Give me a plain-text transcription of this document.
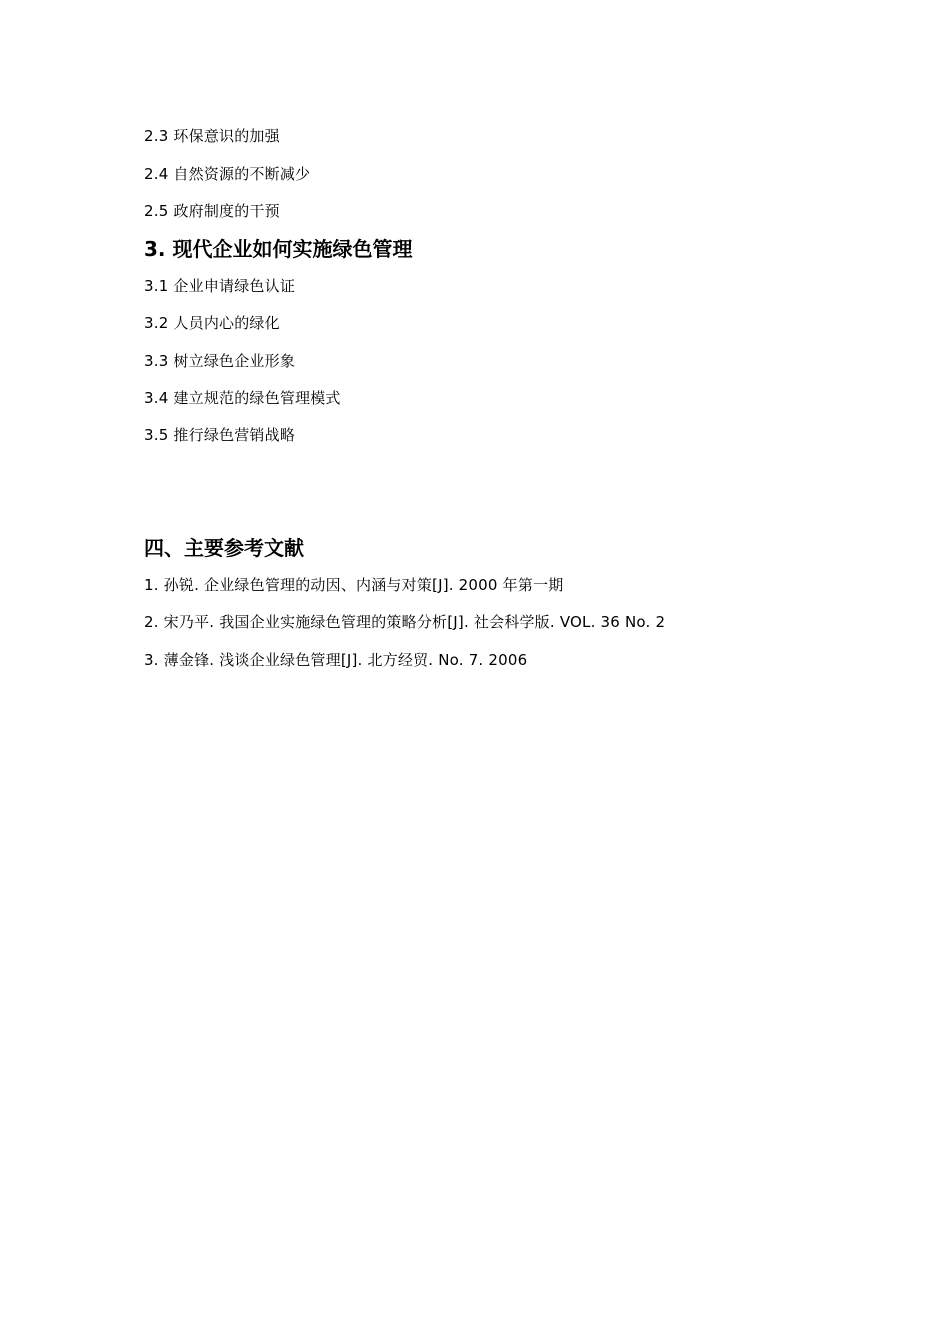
2.3 环保意识的加强
2.4 自然资源的不断减少
2.5 政府制度的干预
3. 现代企业如何实施绿色管理
3.1 企业申请绿色认证
3.2 人员内心的绿化
3.3 树立绿色企业形象
3.4 建立规范的绿色管理模式
3.5 推行绿色营销战略
四、主要参考文献
1. 孙锐. 企业绿色管理的动因、内涵与对策[J]. 2000 年第一期
2. 宋乃平. 我国企业实施绿色管理的策略分析[J]. 社会科学版. VOL. 36 No. 2
3. 薄金锋. 浅谈企业绿色管理[J]. 北方经贸. No. 7. 2006
